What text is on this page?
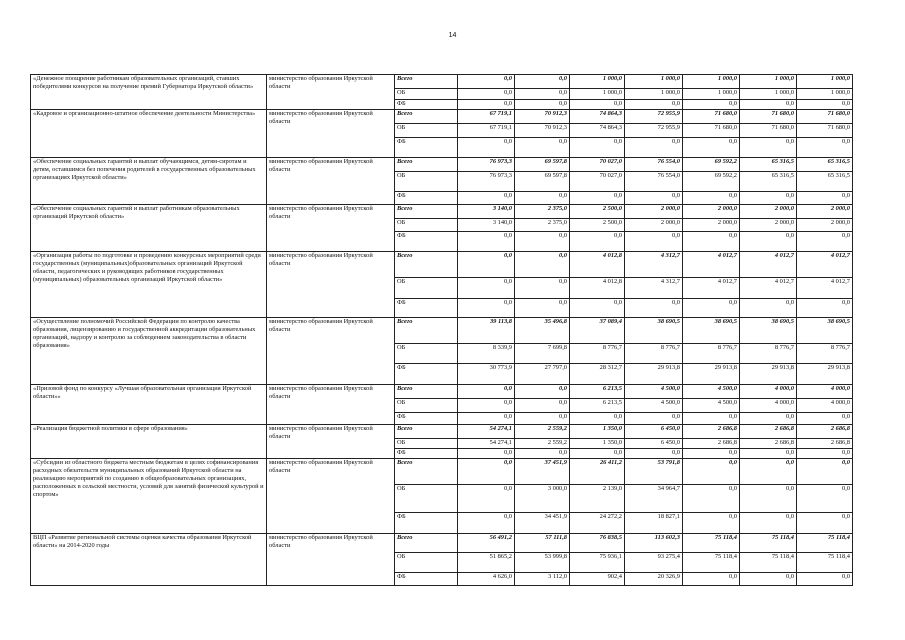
14
«Денежное поощрение работникам образовательных организаций, ставших победителями конкурсов на получение премий Губернатора Иркутской области»	министерство образования Иркутской области	Всего	0,0	0,0	1 000,0	1 000,0	1 000,0	1 000,0	1 000,0
		ОБ	0,0	0,0	1 000,0	1 000,0	1 000,0	1 000,0	1 000,0
		ФБ	0,0	0,0	0,0	0,0	0,0	0,0	0,0
«Кадровое и организационно-штатное обеспечение деятельности Министерства»	министерство образования Иркутской области	Всего	67 719,1	70 912,3	74 864,3	72 955,9	71 680,0	71 680,0	71 680,0
		ОБ	67 719,1	70 912,3	74 864,3	72 955,9	71 680,0	71 680,0	71 680,0
		ФБ	0,0	0,0	0,0	0,0	0,0	0,0	0,0
«Обеспечение социальных гарантий и выплат обучающимся, детям-сиротам и детям, оставшимся без попечения родителей в государственных образовательных организациях Иркутской области»	министерство образования Иркутской области	Всего	76 973,3	69 597,8	70 027,0	76 554,0	69 592,2	65 316,5	65 316,5
		ОБ	76 973,3	69 597,8	70 027,0	76 554,0	69 592,2	65 316,5	65 316,5
		ФБ	0,0	0,0	0,0	0,0	0,0	0,0	0,0
«Обеспечение социальных гарантий и выплат работникам образовательных организаций Иркутской области»	министерство образования Иркутской области	Всего	3 140,0	2 375,0	2 500,0	2 000,0	2 000,0	2 000,0	2 000,0
		ОБ	3 140,0	2 375,0	2 500,0	2 000,0	2 000,0	2 000,0	2 000,0
		ФБ	0,0	0,0	0,0	0,0	0,0	0,0	0,0
«Организация работы по подготовке и проведению конкурсных мероприятий среди государственных (муниципальных)образовательных организаций Иркутской области, педагогических и руководящих работников государственных (муниципальных) образовательных организаций Иркутской области»	министерство образования Иркутской области	Всего	0,0	0,0	4 012,8	4 312,7	4 012,7	4 012,7	4 012,7
		ОБ	0,0	0,0	4 012,8	4 312,7	4 012,7	4 012,7	4 012,7
		ФБ	0,0	0,0	0,0	0,0	0,0	0,0	0,0
«Осуществление полномочий Российской Федерации по контролю качества образования, лицензированию и государственной аккредитации образовательных организаций, надзору и контролю за соблюдением законодательства в области образования»	министерство образования Иркутской области	Всего	39 113,8	35 496,8	37 089,4	38 690,5	38 690,5	38 690,5	38 690,5
		ОБ	8 339,9	7 699,8	8 776,7	8 776,7	8 776,7	8 776,7	8 776,7
		ФБ	30 773,9	27 797,0	28 312,7	29 913,8	29 913,8	29 913,8	29 913,8
«Призовой фонд по конкурсу «Лучшая образовательная организация Иркутской области»»	министерство образования Иркутской области	Всего	0,0	0,0	6 213,5	4 500,0	4 500,0	4 000,0	4 000,0
		ОБ	0,0	0,0	6 213,5	4 500,0	4 500,0	4 000,0	4 000,0
		ФБ	0,0	0,0	0,0	0,0	0,0	0,0	0,0
«Реализация бюджетной политики в сфере образования»	министерство образования Иркутской области	Всего	54 274,1	2 559,2	1 350,0	6 450,0	2 686,8	2 686,8	2 686,8
		ОБ	54 274,1	2 559,2	1 350,0	6 450,0	2 686,8	2 686,8	2 686,8
		ФБ	0,0	0,0	0,0	0,0	0,0	0,0	0,0
«Субсидии из областного бюджета местным бюджетам в целях софинансирования расходных обязательств муниципальных образований Иркутской области на реализацию мероприятий по созданию в общеобразовательных организациях, расположенных в сельской местности, условий для занятий физической культурой и спортом»	министерство образования Иркутской области	Всего	0,0	37 451,9	26 411,2	53 791,8	0,0	0,0	0,0
		ОБ	0,0	3 000,0	2 139,0	34 964,7	0,0	0,0	0,0
		ФБ	0,0	34 451,9	24 272,2	18 827,1	0,0	0,0	0,0
ВЦП «Развитие региональной системы оценки качества образования Иркутской области» на 2014-2020 годы	министерство образования Иркутской области	Всего	56 491,2	57 111,8	76 838,5	113 602,3	75 118,4	75 118,4	75 118,4
		ОБ	51 865,2	53 999,8	75 936,1	93 275,4	75 118,4	75 118,4	75 118,4
		ФБ	4 626,0	3 112,0	902,4	20 326,9	0,0	0,0	0,0
